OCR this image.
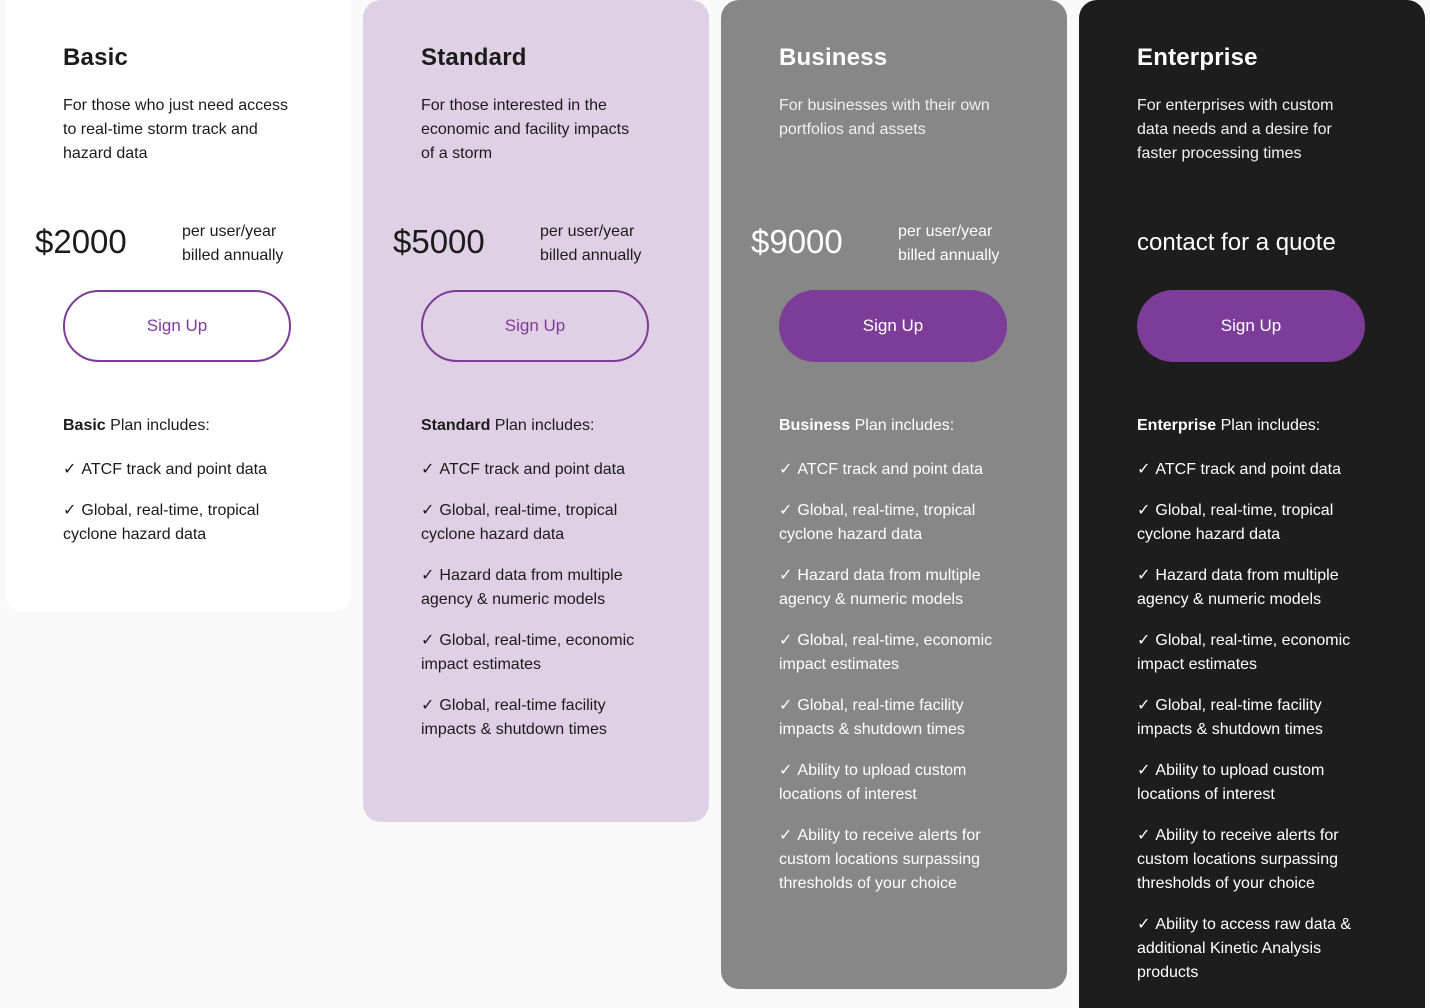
Basic
For those who just need access to real-time storm track and hazard data
$2000	per user/year
billed annually
Sign Up
Basic Plan includes:
✓ ATCF track and point data
✓ Global, real-time, tropical cyclone hazard data
Standard
For those interested in the economic and facility impacts of a storm
$5000	per user/year
billed annually
Sign Up
Standard Plan includes:
✓ ATCF track and point data
✓ Global, real-time, tropical cyclone hazard data
✓ Hazard data from multiple agency & numeric models
✓ Global, real-time, economic impact estimates
✓ Global, real-time facility impacts & shutdown times
Business
For businesses with their own portfolios and assets
$9000	per user/year
billed annually
Sign Up
Business Plan includes:
✓ ATCF track and point data
✓ Global, real-time, tropical cyclone hazard data
✓ Hazard data from multiple agency & numeric models
✓ Global, real-time, economic impact estimates
✓ Global, real-time facility impacts & shutdown times
✓ Ability to upload custom locations of interest
✓ Ability to receive alerts for custom locations surpassing thresholds of your choice
Enterprise
For enterprises with custom data needs and a desire for faster processing times
contact for a quote
Sign Up
Enterprise Plan includes:
✓ ATCF track and point data
✓ Global, real-time, tropical cyclone hazard data
✓ Hazard data from multiple agency & numeric models
✓ Global, real-time, economic impact estimates
✓ Global, real-time facility impacts & shutdown times
✓ Ability to upload custom locations of interest
✓ Ability to receive alerts for custom locations surpassing thresholds of your choice
✓ Ability to access raw data & additional Kinetic Analysis products
